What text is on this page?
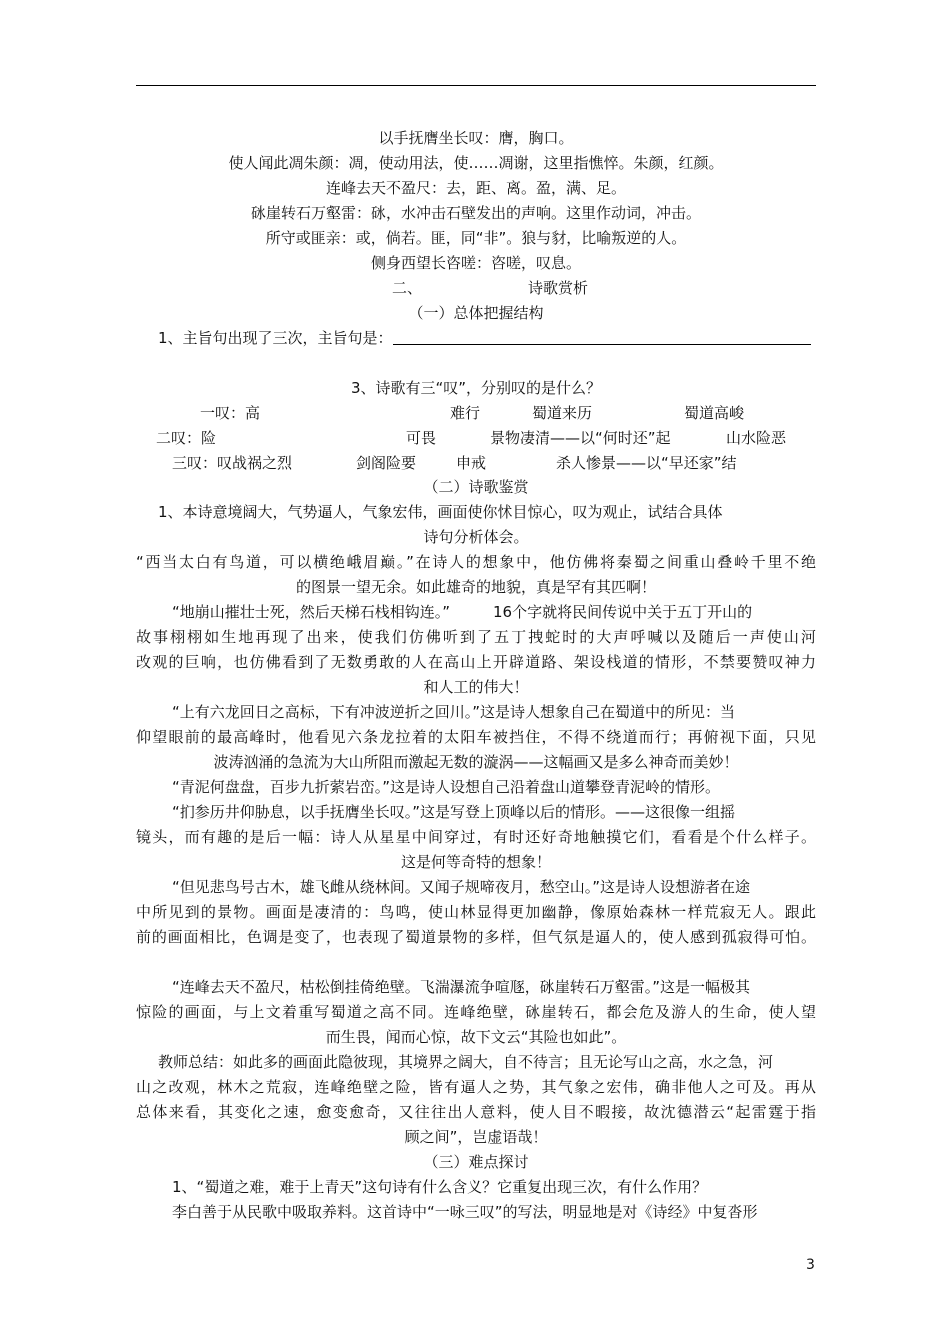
以手抚膺坐长叹：膺，胸口。
使人闻此凋朱颜：凋，使动用法，使……凋谢，这里指憔悴。朱颜，红颜。
连峰去天不盈尺：去，距、离。盈，满、足。
砯崖转石万壑雷：砯，水冲击石壁发出的声响。这里作动词，冲击。
所守或匪亲：或，倘若。匪，同“非”。狼与豺，比喻叛逆的人。
侧身西望长咨嗟：咨嗟，叹息。
二、	诗歌赏析
（一）总体把握结构
1、主旨句出现了三次，主旨句是：
3、诗歌有三“叹”，分别叹的是什么？
一叹：高	难行	蜀道来历	蜀道高峻
二叹：险	可畏	景物凄清——以“何时还”起	山水险恶
三叹：叹战祸之烈	剑阁险要	申戒	杀人惨景——以“早还家”结
（二）诗歌鉴赏
1、本诗意境阔大，气势逼人，气象宏伟，画面使你怵目惊心，叹为观止，试结合具体
诗句分析体会。
“西当太白有鸟道，可以横绝峨眉巅。”在诗人的想象中，他仿佛将秦蜀之间重山叠岭千里不绝
的图景一望无余。如此雄奇的地貌，真是罕有其匹啊！
“地崩山摧壮士死，然后天梯石栈相钩连。”	16个字就将民间传说中关于五丁开山的
故事栩栩如生地再现了出来，使我们仿佛听到了五丁拽蛇时的大声呼喊以及随后一声使山河
改观的巨响，也仿佛看到了无数勇敢的人在高山上开辟道路、架设栈道的情形，不禁要赞叹神力
和人工的伟大！
“上有六龙回日之高标，下有冲波逆折之回川。”这是诗人想象自己在蜀道中的所见：当
仰望眼前的最高峰时，他看见六条龙拉着的太阳车被挡住，不得不绕道而行；再俯视下面，只见
波涛汹涌的急流为大山所阻而激起无数的漩涡——这幅画又是多么神奇而美妙！
“青泥何盘盘，百步九折萦岩峦。”这是诗人设想自己沿着盘山道攀登青泥岭的情形。
“扪参历井仰胁息，以手抚膺坐长叹。”这是写登上顶峰以后的情形。——这很像一组摇
镜头，而有趣的是后一幅：诗人从星星中间穿过，有时还好奇地触摸它们，看看是个什么样子。
这是何等奇特的想象！
“但见悲鸟号古木，雄飞雌从绕林间。又闻子规啼夜月，愁空山。”这是诗人设想游者在途
中所见到的景物。画面是凄清的：鸟鸣，使山林显得更加幽静，像原始森林一样荒寂无人。跟此
前的画面相比，色调是变了，也表现了蜀道景物的多样，但气氛是逼人的，使人感到孤寂得可怕。
“连峰去天不盈尺，枯松倒挂倚绝壁。飞湍瀑流争喧豗，砯崖转石万壑雷。”这是一幅极其
惊险的画面，与上文着重写蜀道之高不同。连峰绝壁，砯崖转石，都会危及游人的生命，使人望
而生畏，闻而心惊，故下文云“其险也如此”。
教师总结：如此多的画面此隐彼现，其境界之阔大，自不待言；且无论写山之高，水之急，河
山之改观，林木之荒寂，连峰绝壁之险，皆有逼人之势，其气象之宏伟，确非他人之可及。再从
总体来看，其变化之速，愈变愈奇，又往往出人意料，使人目不暇接，故沈德潜云“起雷霆于指
顾之间”，岂虚语哉！
（三）难点探讨
1、“蜀道之难，难于上青天”这句诗有什么含义？它重复出现三次，有什么作用？
李白善于从民歌中吸取养料。这首诗中“一咏三叹”的写法，明显地是对《诗经》中复沓形
3
